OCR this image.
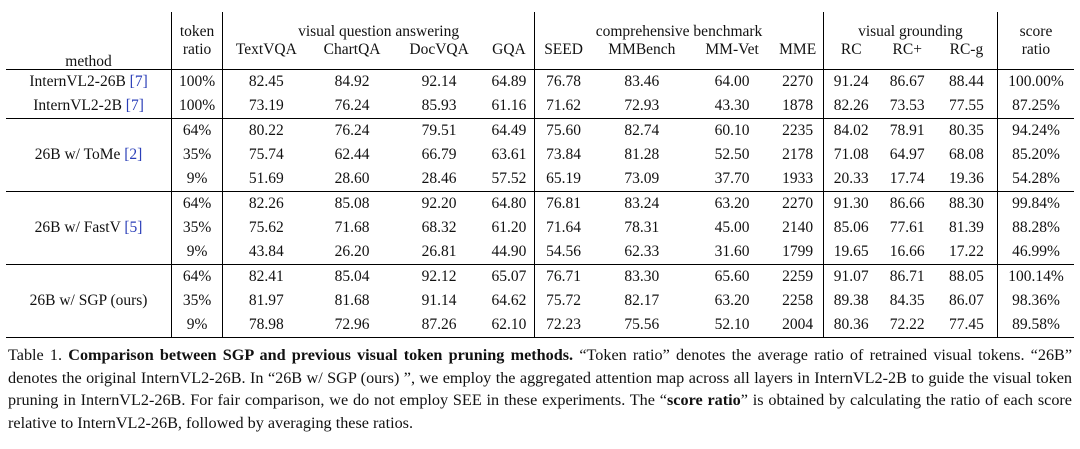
method	token	visual question answering				comprehensive benchmark				visual grounding			score
	ratio	TextVQA	ChartQA	DocVQA	GQA	SEED	MMBench	MM-Vet	MME	RC	RC+	RC-g	ratio
InternVL2-26B [7]	100%	82.45	84.92	92.14	64.89	76.78	83.46	64.00	2270	91.24	86.67	88.44	100.00%
InternVL2-2B [7]	100%	73.19	76.24	85.93	61.16	71.62	72.93	43.30	1878	82.26	73.53	77.55	87.25%
26B w/ ToMe [2]	64%	80.22	76.24	79.51	64.49	75.60	82.74	60.10	2235	84.02	78.91	80.35	94.24%
	35%	75.74	62.44	66.79	63.61	73.84	81.28	52.50	2178	71.08	64.97	68.08	85.20%
	9%	51.69	28.60	28.46	57.52	65.19	73.09	37.70	1933	20.33	17.74	19.36	54.28%
26B w/ FastV [5]	64%	82.26	85.08	92.20	64.80	76.81	83.24	63.20	2270	91.30	86.66	88.30	99.84%
	35%	75.62	71.68	68.32	61.20	71.64	78.31	45.00	2140	85.06	77.61	81.39	88.28%
	9%	43.84	26.20	26.81	44.90	54.56	62.33	31.60	1799	19.65	16.66	17.22	46.99%
26B w/ SGP (ours)	64%	82.41	85.04	92.12	65.07	76.71	83.30	65.60	2259	91.07	86.71	88.05	100.14%
	35%	81.97	81.68	91.14	64.62	75.72	82.17	63.20	2258	89.38	84.35	86.07	98.36%
	9%	78.98	72.96	87.26	62.10	72.23	75.56	52.10	2004	80.36	72.22	77.45	89.58%
Table 1. Comparison between SGP and previous visual token pruning methods. “Token ratio” denotes the average ratio of retrained visual tokens. “26B” denotes the original InternVL2-26B. In “26B w/ SGP (ours) ”, we employ the aggregated attention map across all layers in InternVL2-2B to guide the visual token pruning in InternVL2-26B. For fair comparison, we do not employ SEE in these experiments. The “score ratio” is obtained by calculating the ratio of each score relative to InternVL2-26B, followed by averaging these ratios.
